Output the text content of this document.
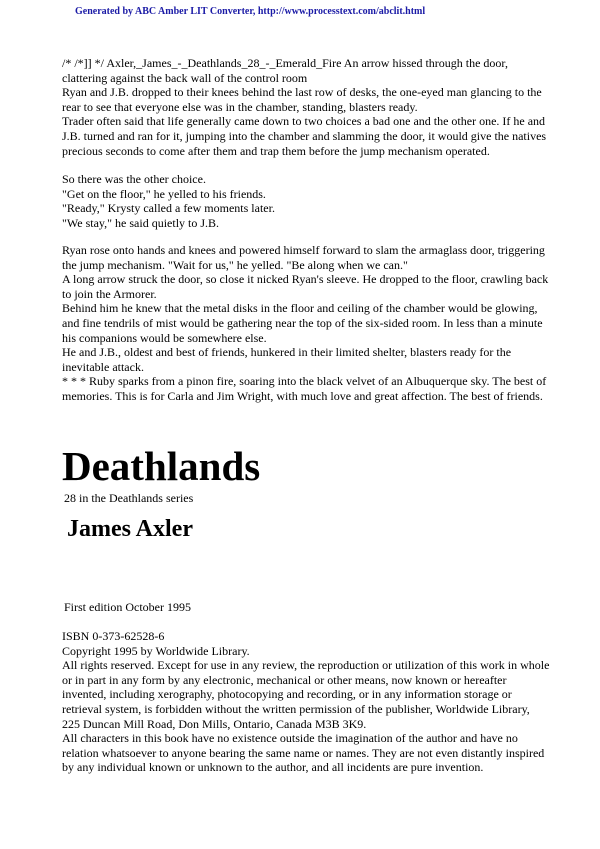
Generated by ABC Amber LIT Converter, http://www.processtext.com/abclit.html

/* /*]] */ Axler,_James_-_Deathlands_28_-_Emerald_Fire An arrow hissed through the door, clattering against the back wall of the control room

Ryan and J.B. dropped to their knees behind the last row of desks, the one-eyed man glancing to the rear to see that everyone else was in the chamber, standing, blasters ready.

Trader often said that life generally came down to two choices a bad one and the other one. If he and J.B. turned and ran for it, jumping into the chamber and slamming the door, it would give the natives precious seconds to come after them and trap them before the jump mechanism operated.

So there was the other choice.

"Get on the floor," he yelled to his friends.

"Ready," Krysty called a few moments later.

"We stay," he said quietly to J.B.

Ryan rose onto hands and knees and powered himself forward to slam the armaglass door, triggering the jump mechanism. "Wait for us," he yelled. "Be along when we can."

A long arrow struck the door, so close it nicked Ryan's sleeve. He dropped to the floor, crawling back to join the Armorer.

Behind him he knew that the metal disks in the floor and ceiling of the chamber would be glowing, and fine tendrils of mist would be gathering near the top of the six-sided room. In less than a minute his companions would be somewhere else.

He and J.B., oldest and best of friends, hunkered in their limited shelter, blasters ready for the inevitable attack.

* * * Ruby sparks from a pinon fire, soaring into the black velvet of an Albuquerque sky. The best of memories. This is for Carla and Jim Wright, with much love and great affection. The best of friends.

Deathlands
28 in the Deathlands series
James Axler
First edition October 1995

ISBN 0-373-62528-6

Copyright 1995 by Worldwide Library.

All rights reserved. Except for use in any review, the reproduction or utilization of this work in whole or in part in any form by any electronic, mechanical or other means, now known or hereafter invented, including xerography, photocopying and recording, or in any information storage or retrieval system, is forbidden without the written permission of the publisher, Worldwide Library, 225 Duncan Mill Road, Don Mills, Ontario, Canada M3B 3K9.

All characters in this book have no existence outside the imagination of the author and have no relation whatsoever to anyone bearing the same name or names. They are not even distantly inspired by any individual known or unknown to the author, and all incidents are pure invention.
